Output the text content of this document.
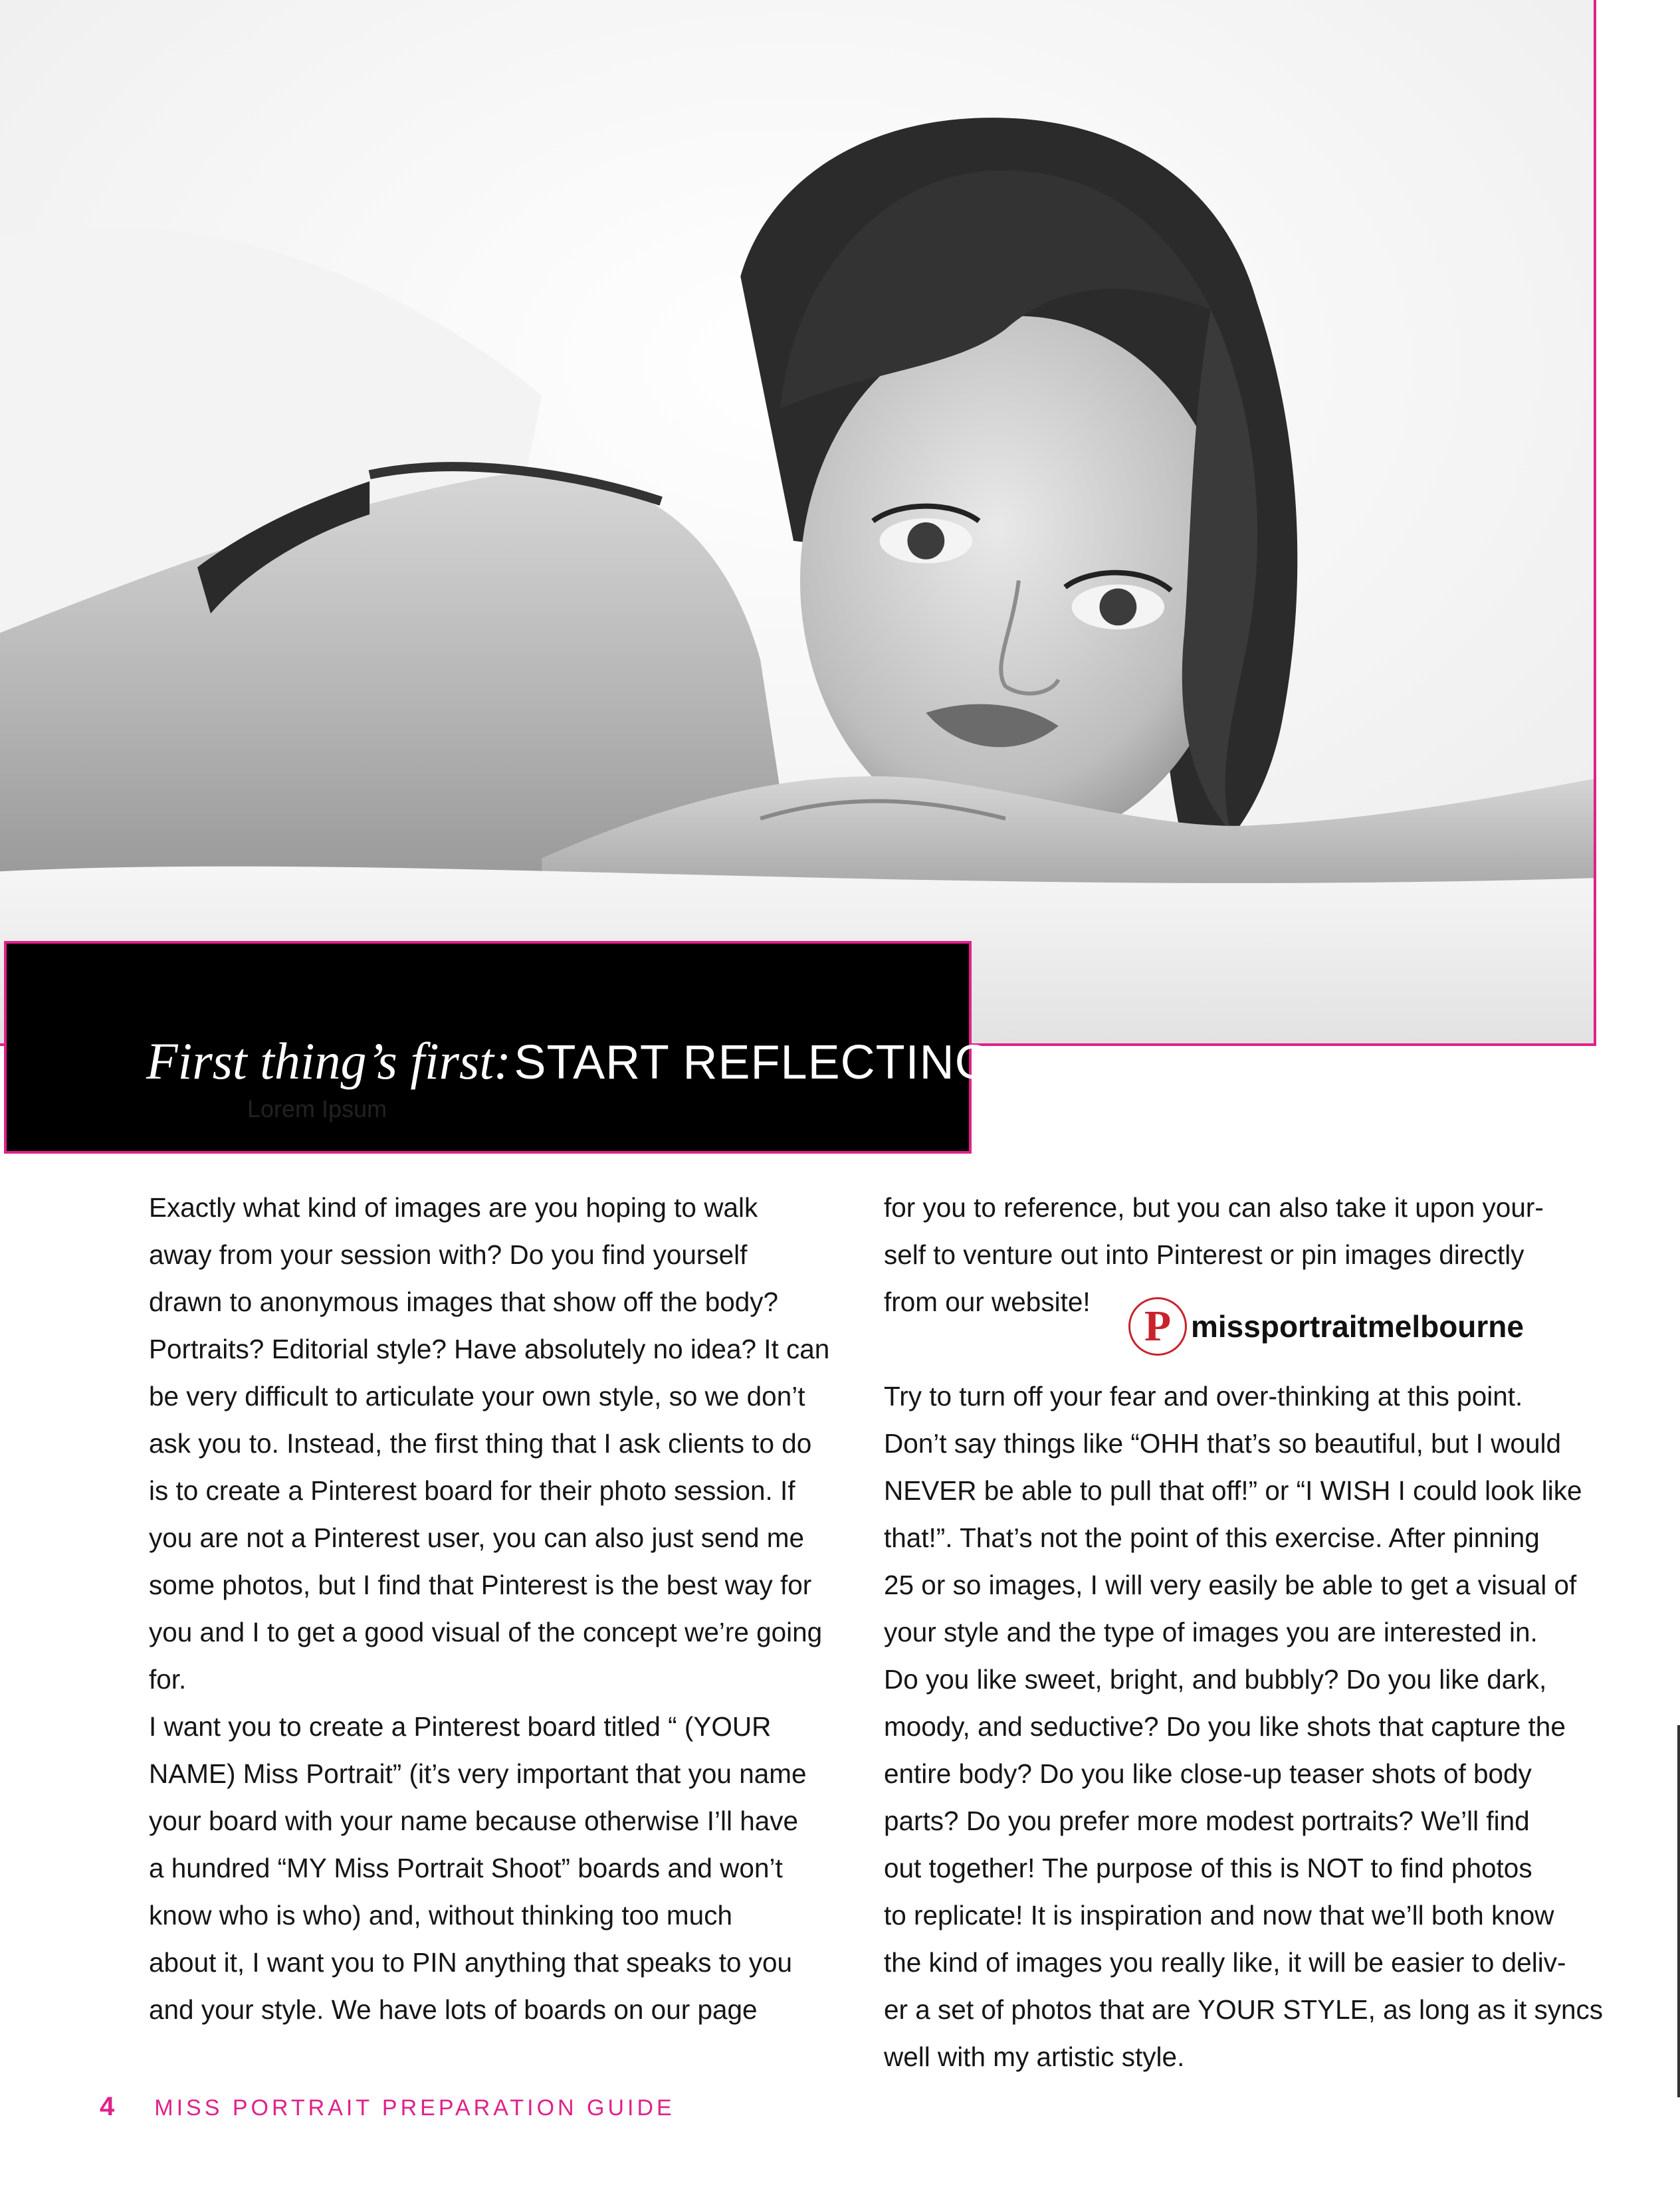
First thing’s first: START REFLECTING
Lorem Ipsum

Exactly what kind of images are you hoping to walk
away from your session with? Do you find yourself
drawn to anonymous images that show off the body?
Portraits? Editorial style? Have absolutely no idea? It can
be very difficult to articulate your own style, so we don’t
ask you to. Instead, the first thing that I ask clients to do
is to create a Pinterest board for their photo session. If
you are not a Pinterest user, you can also just send me
some photos, but I find that Pinterest is the best way for
you and I to get a good visual of the concept we’re going
for.

I want you to create a Pinterest board titled “ (YOUR
NAME) Miss Portrait” (it’s very important that you name
your board with your name because otherwise I’ll have
a hundred “MY Miss Portrait Shoot” boards and won’t
know who is who) and, without thinking too much
about it, I want you to PIN anything that speaks to you
and your style. We have lots of boards on our page

for you to reference, but you can also take it upon your-
self to venture out into Pinterest or pin images directly
from our website!

Try to turn off your fear and over-thinking at this point.
Don’t say things like “OHH that’s so beautiful, but I would
NEVER be able to pull that off!” or “I WISH I could look like
that!”. That’s not the point of this exercise. After pinning
25 or so images, I will very easily be able to get a visual of
your style and the type of images you are interested in.
Do you like sweet, bright, and bubbly? Do you like dark,
moody, and seductive? Do you like shots that capture the
entire body? Do you like close-up teaser shots of body
parts? Do you prefer more modest portraits? We’ll find
out together! The purpose of this is NOT to find photos
to replicate! It is inspiration and now that we’ll both know
the kind of images you really like, it will be easier to deliv-
er a set of photos that are YOUR STYLE, as long as it syncs
well with my artistic style.

P missportraitmelbourne
4 MISS PORTRAIT PREPARATION GUIDE
